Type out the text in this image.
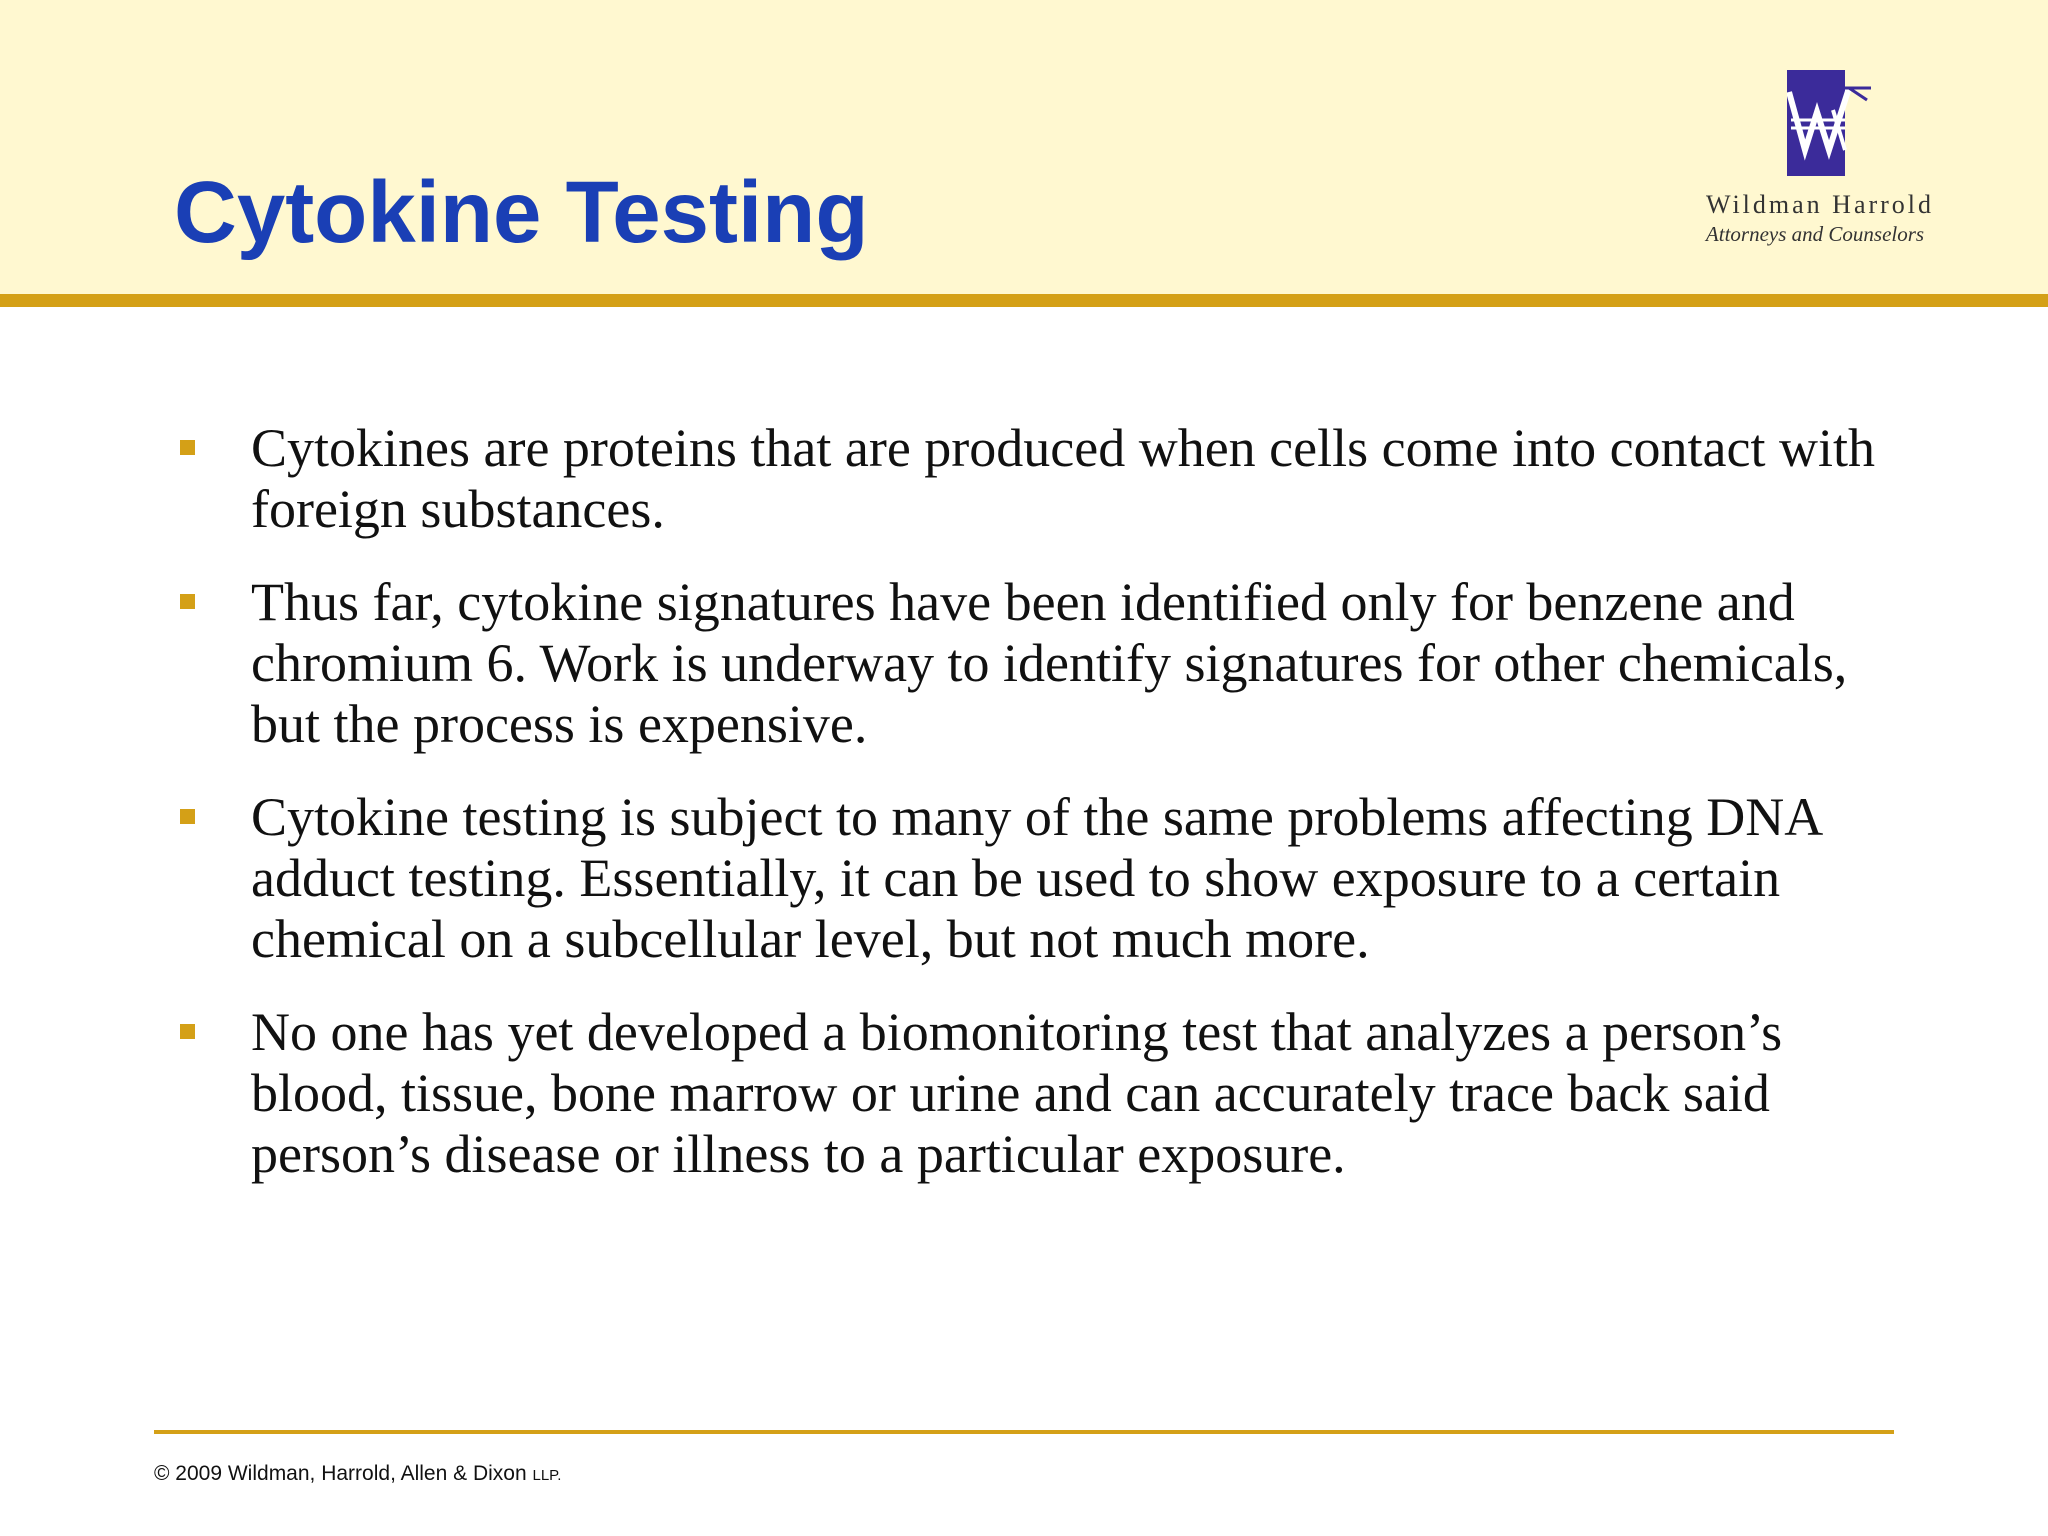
Cytokine Testing	Wildman Harrold
Attorneys and Counselors
Cytokines are proteins that are produced when cells come into contact with foreign substances.
Thus far, cytokine signatures have been identified only for benzene and chromium 6. Work is underway to identify signatures for other chemicals, but the process is expensive.
Cytokine testing is subject to many of the same problems affecting DNA adduct testing. Essentially, it can be used to show exposure to a certain chemical on a subcellular level, but not much more.
No one has yet developed a biomonitoring test that analyzes a person’s blood, tissue, bone marrow or urine and can accurately trace back said person’s disease or illness to a particular exposure.
© 2009 Wildman, Harrold, Allen & Dixon LLP.
